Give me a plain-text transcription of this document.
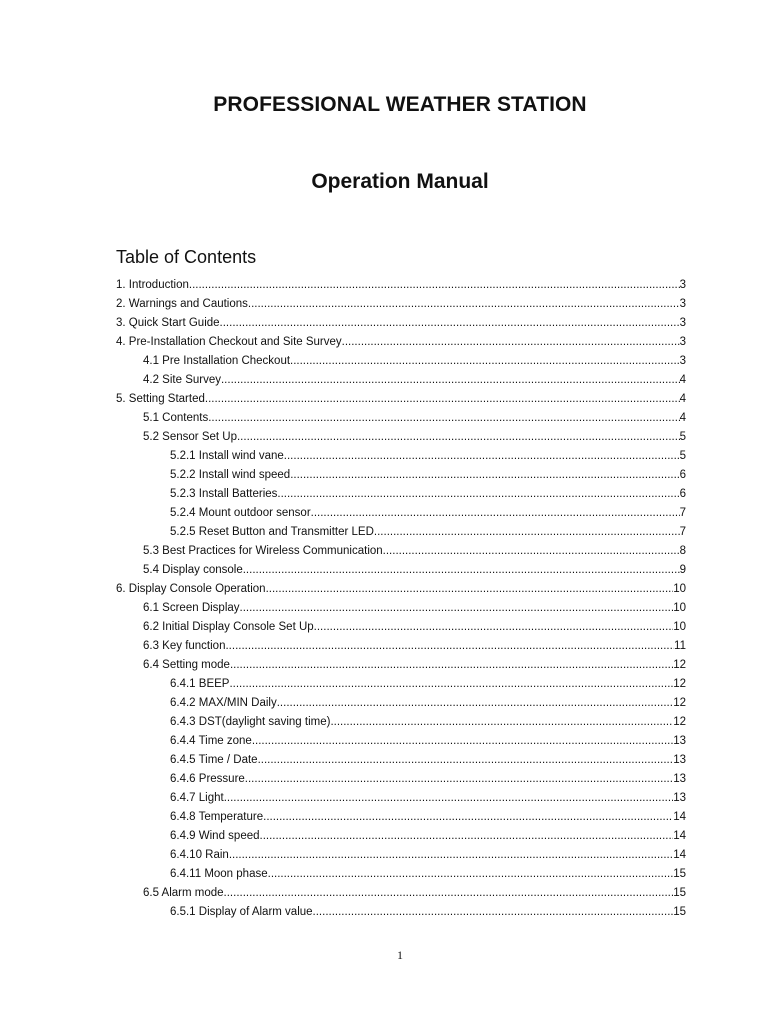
PROFESSIONAL WEATHER STATION
Operation Manual
Table of Contents
1. Introduction .....	3
2. Warnings and Cautions .....	3
3. Quick Start Guide .....	3
4. Pre-Installation Checkout and Site Survey .....	3
4.1 Pre Installation Checkout .....	3
4.2 Site Survey .....	4
5. Setting Started .....	4
5.1 Contents .....	4
5.2 Sensor Set Up .....	5
5.2.1 Install wind vane .....	5
5.2.2 Install wind speed .....	6
5.2.3 Install Batteries .....	6
5.2.4 Mount outdoor sensor .....	7
5.2.5 Reset Button and Transmitter LED .....	7
5.3 Best Practices for Wireless Communication .....	8
5.4 Display console .....	9
6. Display Console Operation .....	10
6.1 Screen Display .....	10
6.2 Initial Display Console Set Up .....	10
6.3 Key function .....	11
6.4 Setting mode .....	12
6.4.1 BEEP .....	12
6.4.2 MAX/MIN Daily .....	12
6.4.3 DST(daylight saving time) .....	12
6.4.4 Time zone .....	13
6.4.5 Time / Date .....	13
6.4.6 Pressure .....	13
6.4.7 Light .....	13
6.4.8 Temperature .....	14
6.4.9 Wind speed .....	14
6.4.10 Rain .....	14
6.4.11 Moon phase .....	15
6.5 Alarm mode .....	15
6.5.1 Display of Alarm value .....	15

1
